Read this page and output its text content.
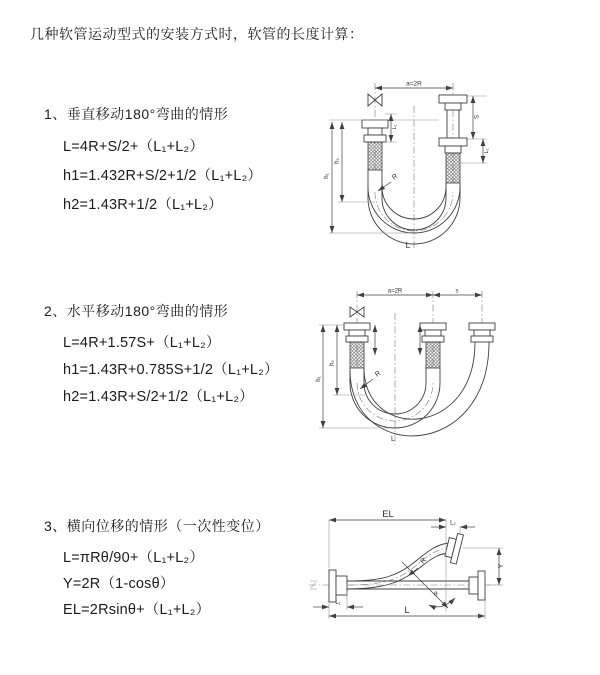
几种软管运动型式的安装方式时，软管的长度计算：
1、垂直移动180°弯曲的情形
L=4R+S/2+（L₁+L₂）
h1=1.432R+S/2+1/2（L₁+L₂）
h2=1.43R+1/2（L₁+L₂）
2、水平移动180°弯曲的情形
L=4R+1.57S+（L₁+L₂）
h1=1.43R+0.785S+1/2（L₁+L₂）
h2=1.43R+S/2+1/2（L₁+L₂）
3、横向位移的情形（一次性变位）
L=πRθ/90+（L₁+L₂）
Y=2R（1-cosθ）
EL=2Rsinθ+（L₁+L₂）
a=2R
h₁
h₂
L₁
S
L₁
R
L
a=2R	s
h₁
h₂
R
L
EL
L₂
Y
L
L₁
θ
R
